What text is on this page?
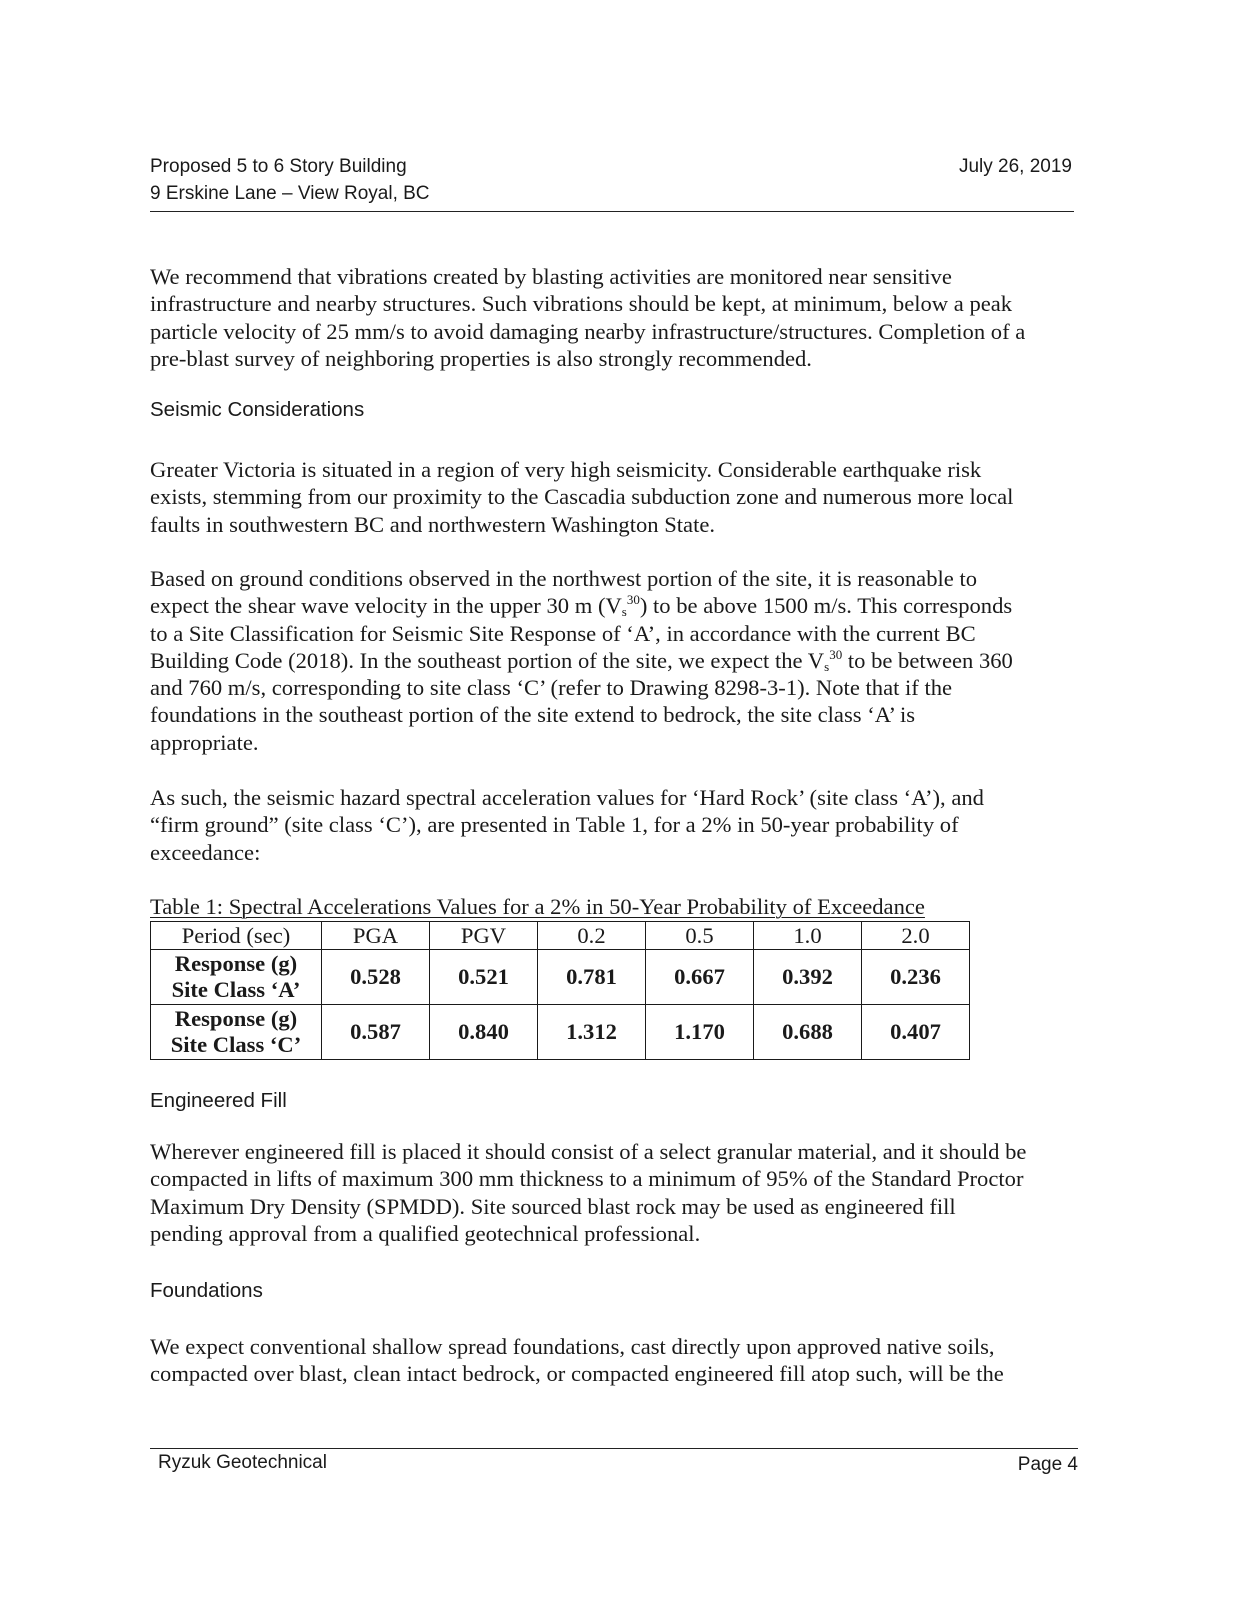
Proposed 5 to 6 Story Building
9 Erskine Lane – View Royal, BC
July 26, 2019

We recommend that vibrations created by blasting activities are monitored near sensitive

infrastructure and nearby structures. Such vibrations should be kept, at minimum, below a peak

particle velocity of 25 mm/s to avoid damaging nearby infrastructure/structures. Completion of a

pre-blast survey of neighboring properties is also strongly recommended.

Seismic Considerations

Greater Victoria is situated in a region of very high seismicity. Considerable earthquake risk

exists, stemming from our proximity to the Cascadia subduction zone and numerous more local

faults in southwestern BC and northwestern Washington State.

Based on ground conditions observed in the northwest portion of the site, it is reasonable to

expect the shear wave velocity in the upper 30 m $(V_s^{30})$ to be above 1500 m/s. This corresponds

to a Site Classification for Seismic Site Response of ‘A’, in accordance with the current BC

Building Code (2018). In the southeast portion of the site, we expect the $V_s^{30}$ to be between 360

and 760 m/s, corresponding to site class ‘C’ (refer to Drawing 8298-3-1). Note that if the

foundations in the southeast portion of the site extend to bedrock, the site class ‘A’ is

appropriate.

As such, the seismic hazard spectral acceleration values for ‘Hard Rock’ (site class ‘A’), and

“firm ground” (site class ‘C’), are presented in Table 1, for a 2% in 50-year probability of

exceedance:

Table 1: Spectral Accelerations Values for a 2% in 50-Year Probability of Exceedance
Period (sec)	PGA	PGV	0.2	0.5	1.0	2.0
Response (g)
Site Class ‘A’	0.528	0.521	0.781	0.667	0.392	0.236
Response (g)
Site Class ‘C’	0.587	0.840	1.312	1.170	0.688	0.407
Engineered Fill

Wherever engineered fill is placed it should consist of a select granular material, and it should be

compacted in lifts of maximum 300 mm thickness to a minimum of 95% of the Standard Proctor

Maximum Dry Density (SPMDD). Site sourced blast rock may be used as engineered fill

pending approval from a qualified geotechnical professional.

Foundations

We expect conventional shallow spread foundations, cast directly upon approved native soils,

compacted over blast, clean intact bedrock, or compacted engineered fill atop such, will be the

Ryzuk Geotechnical	Page 4
